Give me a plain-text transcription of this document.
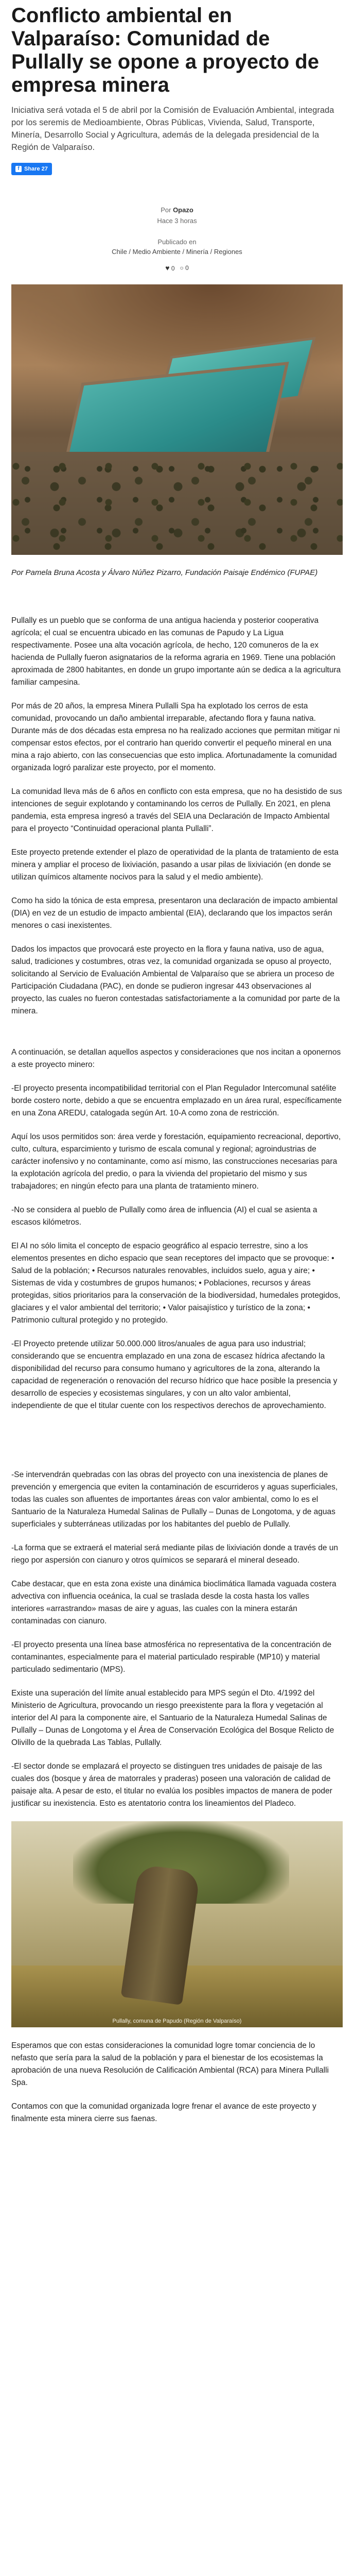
Conflicto ambiental en Valparaíso: Comunidad de Pullally se opone a proyecto de empresa minera

Iniciativa será votada el 5 de abril por la Comisión de Evaluación Ambiental, integrada por los seremis de Medioambiente, Obras Públicas, Vivienda, Salud, Transporte, Minería, Desarrollo Social y Agricultura, además de la delegada presidencial de la Región de Valparaíso.

f Share 27
Por Opazo
Hace 3 horas
Publicado en
Chile / Medio Ambiente / Minería / Regiones
♥ 0 ○ 0

Por Pamela Bruna Acosta y Álvaro Núñez Pizarro, Fundación Paisaje Endémico (FUPAE)

Pullally es un pueblo que se conforma de una antigua hacienda y posterior cooperativa agrícola; el cual se encuentra ubicado en las comunas de Papudo y La Ligua respectivamente. Posee una alta vocación agrícola, de hecho, 120 comuneros de la ex hacienda de Pullally fueron asignatarios de la reforma agraria en 1969. Tiene una población aproximada de 2800 habitantes, en donde un grupo importante aún se dedica a la agricultura familiar campesina.

Por más de 20 años, la empresa Minera Pullalli Spa ha explotado los cerros de esta comunidad, provocando un daño ambiental irreparable, afectando flora y fauna nativa. Durante más de dos décadas esta empresa no ha realizado acciones que permitan mitigar ni compensar estos efectos, por el contrario han querido convertir el pequeño mineral en una mina a rajo abierto, con las consecuencias que esto implica. Afortunadamente la comunidad organizada logró paralizar este proyecto, por el momento.

La comunidad lleva más de 6 años en conflicto con esta empresa, que no ha desistido de sus intenciones de seguir explotando y contaminando los cerros de Pullally. En 2021, en plena pandemia, esta empresa ingresó a través del SEIA una Declaración de Impacto Ambiental para el proyecto “Continuidad operacional planta Pullalli”.

Este proyecto pretende extender el plazo de operatividad de la planta de tratamiento de esta minera y ampliar el proceso de lixiviación, pasando a usar pilas de lixiviación (en donde se utilizan químicos altamente nocivos para la salud y el medio ambiente).

Como ha sido la tónica de esta empresa, presentaron una declaración de impacto ambiental (DIA) en vez de un estudio de impacto ambiental (EIA), declarando que los impactos serán menores o casi inexistentes.

Dados los impactos que provocará este proyecto en la flora y fauna nativa, uso de agua, salud, tradiciones y costumbres, otras vez, la comunidad organizada se opuso al proyecto, solicitando al Servicio de Evaluación Ambiental de Valparaíso que se abriera un proceso de Participación Ciudadana (PAC), en donde se pudieron ingresar 443 observaciones al proyecto, las cuales no fueron contestadas satisfactoriamente a la comunidad por parte de la minera.

A continuación, se detallan aquellos aspectos y consideraciones que nos incitan a oponernos a este proyecto minero:

-El proyecto presenta incompatibilidad territorial con el Plan Regulador Intercomunal satélite borde costero norte, debido a que se encuentra emplazado en un área rural, específicamente en una Zona AREDU, catalogada según Art. 10-A como zona de restricción.

Aquí los usos permitidos son: área verde y forestación, equipamiento recreacional, deportivo, culto, cultura, esparcimiento y turismo de escala comunal y regional; agroindustrias de carácter inofensivo y no contaminante, como así mismo, las construcciones necesarias para la explotación agrícola del predio, o para la vivienda del propietario del mismo y sus trabajadores; en ningún efecto para una planta de tratamiento minero.

-No se considera al pueblo de Pullally como área de influencia (AI) el cual se asienta a escasos kilómetros.

El AI no sólo limita el concepto de espacio geográfico al espacio terrestre, sino a los elementos presentes en dicho espacio que sean receptores del impacto que se provoque: • Salud de la población; • Recursos naturales renovables, incluidos suelo, agua y aire; • Sistemas de vida y costumbres de grupos humanos; • Poblaciones, recursos y áreas protegidas, sitios prioritarios para la conservación de la biodiversidad, humedales protegidos, glaciares y el valor ambiental del territorio; • Valor paisajístico y turístico de la zona; • Patrimonio cultural protegido y no protegido.

-El Proyecto pretende utilizar 50.000.000 litros/anuales de agua para uso industrial; considerando que se encuentra emplazado en una zona de escasez hídrica afectando la disponibilidad del recurso para consumo humano y agricultores de la zona, alterando la capacidad de regeneración o renovación del recurso hídrico que hace posible la presencia y desarrollo de especies y ecosistemas singulares, y con un alto valor ambiental, independiente de que el titular cuente con los respectivos derechos de aprovechamiento.

-Se intervendrán quebradas con las obras del proyecto con una inexistencia de planes de prevención y emergencia que eviten la contaminación de escurrideros y aguas superficiales, todas las cuales son afluentes de importantes áreas con valor ambiental, como lo es el Santuario de la Naturaleza Humedal Salinas de Pullally – Dunas de Longotoma, y de aguas superficiales y subterráneas utilizadas por los habitantes del pueblo de Pullally.

-La forma que se extraerá el material será mediante pilas de lixiviación donde a través de un riego por aspersión con cianuro y otros químicos se separará el mineral deseado.

Cabe destacar, que en esta zona existe una dinámica bioclimática llamada vaguada costera advectiva con influencia oceánica, la cual se traslada desde la costa hasta los valles interiores «arrastrando» masas de aire y aguas, las cuales con la minera estarán contaminadas con cianuro.

-El proyecto presenta una línea base atmosférica no representativa de la concentración de contaminantes, especialmente para el material particulado respirable (MP10) y material particulado sedimentario (MPS).

Existe una superación del límite anual establecido para MPS según el Dto. 4/1992 del Ministerio de Agricultura, provocando un riesgo preexistente para la flora y vegetación al interior del AI para la componente aire, el Santuario de la Naturaleza Humedal Salinas de Pullally – Dunas de Longotoma y el Área de Conservación Ecológica del Bosque Relicto de Olivillo de la quebrada Las Tablas, Pullally.

-El sector donde se emplazará el proyecto se distinguen tres unidades de paisaje de las cuales dos (bosque y área de matorrales y praderas) poseen una valoración de calidad de paisaje alta. A pesar de esto, el titular no evalúa los posibles impactos de manera de poder justificar su inexistencia. Esto es atentatorio contra los lineamientos del Pladeco.

Pullally, comuna de Papudo (Región de Valparaíso)

Esperamos que con estas consideraciones la comunidad logre tomar conciencia de lo nefasto que sería para la salud de la población y para el bienestar de los ecosistemas la aprobación de una nueva Resolución de Calificación Ambiental (RCA) para Minera Pullalli Spa.

Contamos con que la comunidad organizada logre frenar el avance de este proyecto y finalmente esta minera cierre sus faenas.
